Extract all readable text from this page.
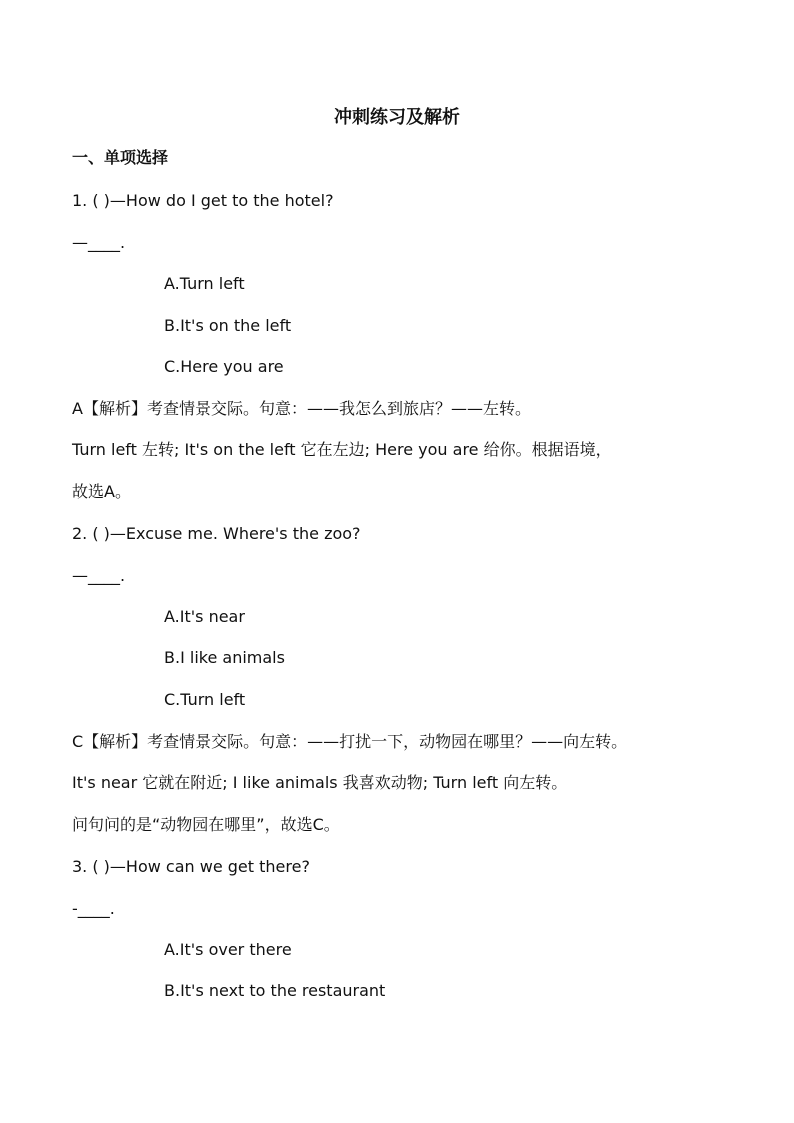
冲刺练习及解析
一、单项选择
1. ( )—How do I get to the hotel?
—____.
A.Turn left
B.It's on the left
C.Here you are
A【解析】考查情景交际。句意：——我怎么到旅店？——左转。
Turn left 左转; It's on the left 它在左边; Here you are 给你。根据语境，
故选A。
2. ( )—Excuse me. Where's the zoo?
—____.
A.It's near
B.I like animals
C.Turn left
C【解析】考查情景交际。句意：——打扰一下，动物园在哪里？——向左转。
It's near 它就在附近; I like animals 我喜欢动物; Turn left 向左转。
问句问的是“动物园在哪里”，故选C。
3. ( )—How can we get there?
-____.
A.It's over there
B.It's next to the restaurant
